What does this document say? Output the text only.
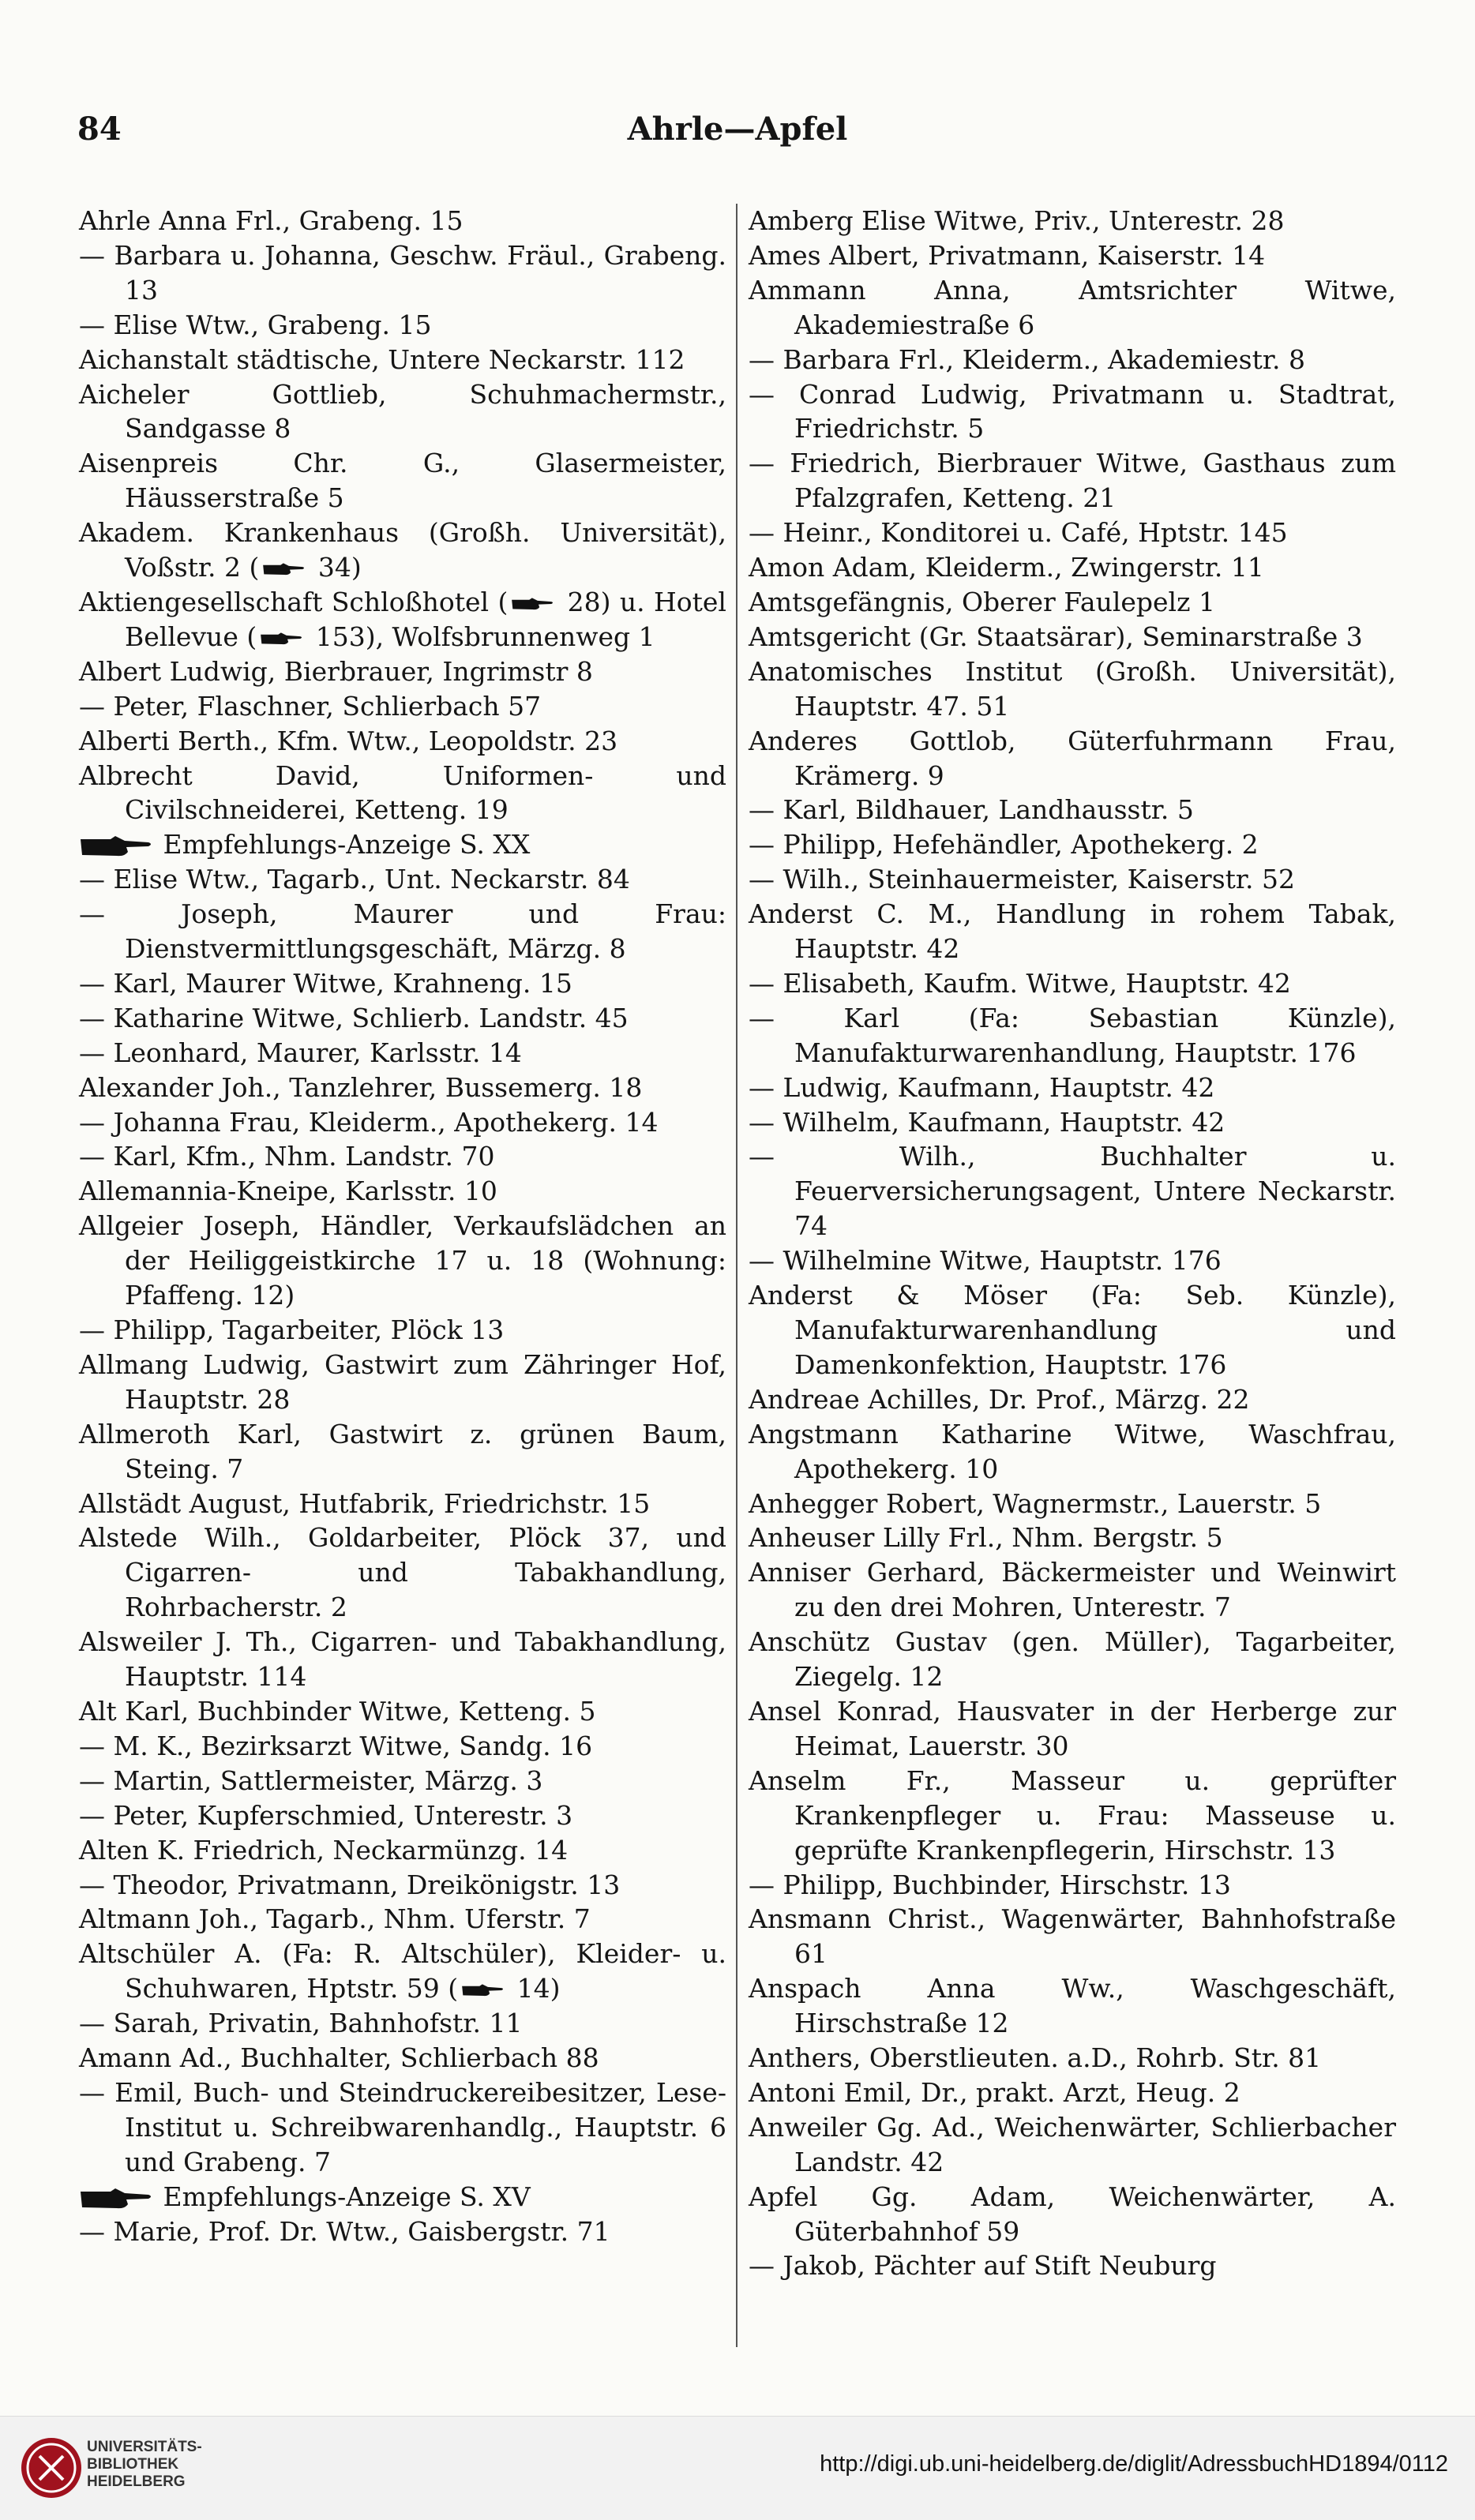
84	Ahrle—Apfel
Ahrle Anna Frl., Grabeng. 15
— Barbara u. Johanna, Geschw. Fräul., Grabeng. 13
— Elise Wtw., Grabeng. 15
Aichanstalt städtische, Untere Neckarstr. 112
Aicheler Gottlieb, Schuhmachermstr., Sandgasse 8
Aisenpreis Chr. G., Glasermeister, Häusserstraße 5
Akadem. Krankenhaus (Großh. Universität), Voßstr. 2 ( 34)
Aktiengesellschaft Schloßhotel ( 28) u. Hotel Bellevue ( 153), Wolfsbrunnenweg 1
Albert Ludwig, Bierbrauer, Ingrimstr 8
— Peter, Flaschner, Schlierbach 57
Alberti Berth., Kfm. Wtw., Leopoldstr. 23
Albrecht David, Uniformen- und Civilschneiderei, Ketteng. 19
Empfehlungs-Anzeige S. XX
— Elise Wtw., Tagarb., Unt. Neckarstr. 84
— Joseph, Maurer und Frau: Dienstvermittlungsgeschäft, Märzg. 8
— Karl, Maurer Witwe, Krahneng. 15
— Katharine Witwe, Schlierb. Landstr. 45
— Leonhard, Maurer, Karlsstr. 14
Alexander Joh., Tanzlehrer, Bussemerg. 18
— Johanna Frau, Kleiderm., Apothekerg. 14
— Karl, Kfm., Nhm. Landstr. 70
Allemannia-Kneipe, Karlsstr. 10
Allgeier Joseph, Händler, Verkaufslädchen an der Heiliggeistkirche 17 u. 18 (Wohnung: Pfaffeng. 12)
— Philipp, Tagarbeiter, Plöck 13
Allmang Ludwig, Gastwirt zum Zähringer Hof, Hauptstr. 28
Allmeroth Karl, Gastwirt z. grünen Baum, Steing. 7
Allstädt August, Hutfabrik, Friedrichstr. 15
Alstede Wilh., Goldarbeiter, Plöck 37, und Cigarren- und Tabakhandlung, Rohrbacherstr. 2
Alsweiler J. Th., Cigarren- und Tabakhandlung, Hauptstr. 114
Alt Karl, Buchbinder Witwe, Ketteng. 5
— M. K., Bezirksarzt Witwe, Sandg. 16
— Martin, Sattlermeister, Märzg. 3
— Peter, Kupferschmied, Unterestr. 3
Alten K. Friedrich, Neckarmünzg. 14
— Theodor, Privatmann, Dreikönigstr. 13
Altmann Joh., Tagarb., Nhm. Uferstr. 7
Altschüler A. (Fa: R. Altschüler), Kleider- u. Schuhwaren, Hptstr. 59 ( 14)
— Sarah, Privatin, Bahnhofstr. 11
Amann Ad., Buchhalter, Schlierbach 88
— Emil, Buch- und Steindruckereibesitzer, Lese-Institut u. Schreibwarenhandlg., Hauptstr. 6 und Grabeng. 7
Empfehlungs-Anzeige S. XV
— Marie, Prof. Dr. Wtw., Gaisbergstr. 71
Amberg Elise Witwe, Priv., Unterestr. 28
Ames Albert, Privatmann, Kaiserstr. 14
Ammann Anna, Amtsrichter Witwe, Akademiestraße 6
— Barbara Frl., Kleiderm., Akademiestr. 8
— Conrad Ludwig, Privatmann u. Stadtrat, Friedrichstr. 5
— Friedrich, Bierbrauer Witwe, Gasthaus zum Pfalzgrafen, Ketteng. 21
— Heinr., Konditorei u. Café, Hptstr. 145
Amon Adam, Kleiderm., Zwingerstr. 11
Amtsgefängnis, Oberer Faulepelz 1
Amtsgericht (Gr. Staatsärar), Seminarstraße 3
Anatomisches Institut (Großh. Universität), Hauptstr. 47. 51
Anderes Gottlob, Güterfuhrmann Frau, Krämerg. 9
— Karl, Bildhauer, Landhausstr. 5
— Philipp, Hefehändler, Apothekerg. 2
— Wilh., Steinhauermeister, Kaiserstr. 52
Anderst C. M., Handlung in rohem Tabak, Hauptstr. 42
— Elisabeth, Kaufm. Witwe, Hauptstr. 42
— Karl (Fa: Sebastian Künzle), Manufakturwarenhandlung, Hauptstr. 176
— Ludwig, Kaufmann, Hauptstr. 42
— Wilhelm, Kaufmann, Hauptstr. 42
— Wilh., Buchhalter u. Feuerversicherungsagent, Untere Neckarstr. 74
— Wilhelmine Witwe, Hauptstr. 176
Anderst & Möser (Fa: Seb. Künzle), Manufakturwarenhandlung und Damenkonfektion, Hauptstr. 176
Andreae Achilles, Dr. Prof., Märzg. 22
Angstmann Katharine Witwe, Waschfrau, Apothekerg. 10
Anhegger Robert, Wagnermstr., Lauerstr. 5
Anheuser Lilly Frl., Nhm. Bergstr. 5
Anniser Gerhard, Bäckermeister und Weinwirt zu den drei Mohren, Unterestr. 7
Anschütz Gustav (gen. Müller), Tagarbeiter, Ziegelg. 12
Ansel Konrad, Hausvater in der Herberge zur Heimat, Lauerstr. 30
Anselm Fr., Masseur u. geprüfter Krankenpfleger u. Frau: Masseuse u. geprüfte Krankenpflegerin, Hirschstr. 13
— Philipp, Buchbinder, Hirschstr. 13
Ansmann Christ., Wagenwärter, Bahnhofstraße 61
Anspach Anna Ww., Waschgeschäft, Hirschstraße 12
Anthers, Oberstlieuten. a.D., Rohrb. Str. 81
Antoni Emil, Dr., prakt. Arzt, Heug. 2
Anweiler Gg. Ad., Weichenwärter, Schlierbacher Landstr. 42
Apfel Gg. Adam, Weichenwärter, A. Güterbahnhof 59
— Jakob, Pächter auf Stift Neuburg
UNIVERSITÄTS-
BIBLIOTHEK
HEIDELBERG
http://digi.ub.uni-heidelberg.de/diglit/AdressbuchHD1894/0112
